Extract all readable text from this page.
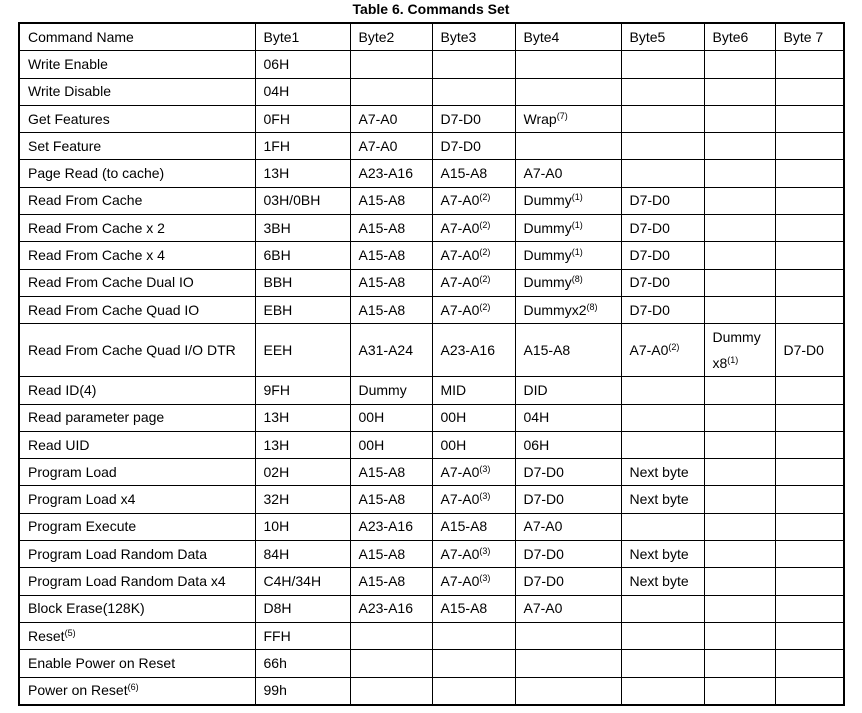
Table 6. Commands Set
Command Name	Byte1	Byte2	Byte3	Byte4	Byte5	Byte6	Byte 7
Write Enable	06H						
Write Disable	04H						
Get Features	0FH	A7-A0	D7-D0	Wrap$^{(7)}$			
Set Feature	1FH	A7-A0	D7-D0				
Page Read (to cache)	13H	A23-A16	A15-A8	A7-A0			
Read From Cache	03H/0BH	A15-A8	A7-A0$^{(2)}$	Dummy$^{(1)}$	D7-D0		
Read From Cache x 2	3BH	A15-A8	A7-A0$^{(2)}$	Dummy$^{(1)}$	D7-D0		
Read From Cache x 4	6BH	A15-A8	A7-A0$^{(2)}$	Dummy$^{(1)}$	D7-D0		
Read From Cache Dual IO	BBH	A15-A8	A7-A0$^{(2)}$	Dummy$^{(8)}$	D7-D0		
Read From Cache Quad IO	EBH	A15-A8	A7-A0$^{(2)}$	Dummyx2$^{(8)}$	D7-D0		
Read From Cache Quad I/O DTR	EEH	A31-A24	A23-A16	A15-A8	A7-A0$^{(2)}$	Dummy x8$^{(1)}$	D7-D0
Read ID(4)	9FH	Dummy	MID	DID			
Read parameter page	13H	00H	00H	04H			
Read UID	13H	00H	00H	06H			
Program Load	02H	A15-A8	A7-A0$^{(3)}$	D7-D0	Next byte		
Program Load x4	32H	A15-A8	A7-A0$^{(3)}$	D7-D0	Next byte		
Program Execute	10H	A23-A16	A15-A8	A7-A0			
Program Load Random Data	84H	A15-A8	A7-A0$^{(3)}$	D7-D0	Next byte		
Program Load Random Data x4	C4H/34H	A15-A8	A7-A0$^{(3)}$	D7-D0	Next byte		
Block Erase(128K)	D8H	A23-A16	A15-A8	A7-A0			
Reset$^{(5)}$	FFH						
Enable Power on Reset	66h						
Power on Reset$^{(6)}$	99h						
